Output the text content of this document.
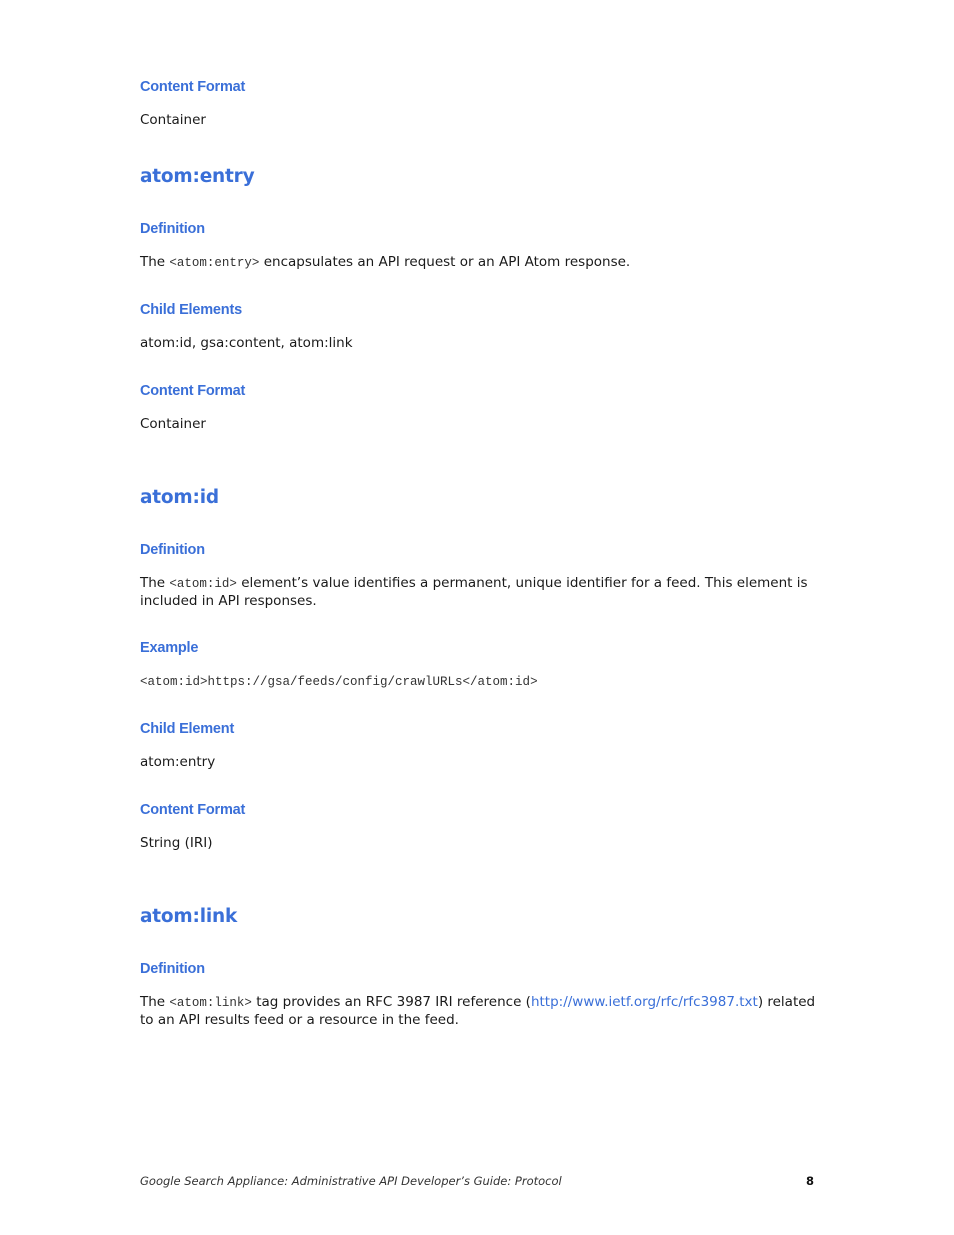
Content Format
Container
atom:entry
Definition
The <atom:entry> encapsulates an API request or an API Atom response.
Child Elements
atom:id, gsa:content, atom:link
Content Format
Container
atom:id
Definition
The <atom:id> element’s value identifies a permanent, unique identifier for a feed. This element is included in API responses.
Example
<atom:id>https://gsa/feeds/config/crawlURLs</atom:id>
Child Element
atom:entry
Content Format
String (IRI)
atom:link
Definition
The <atom:link> tag provides an RFC 3987 IRI reference (http://www.ietf.org/rfc/rfc3987.txt) related to an API results feed or a resource in the feed.
Google Search Appliance: Administrative API Developer’s Guide: Protocol	8
